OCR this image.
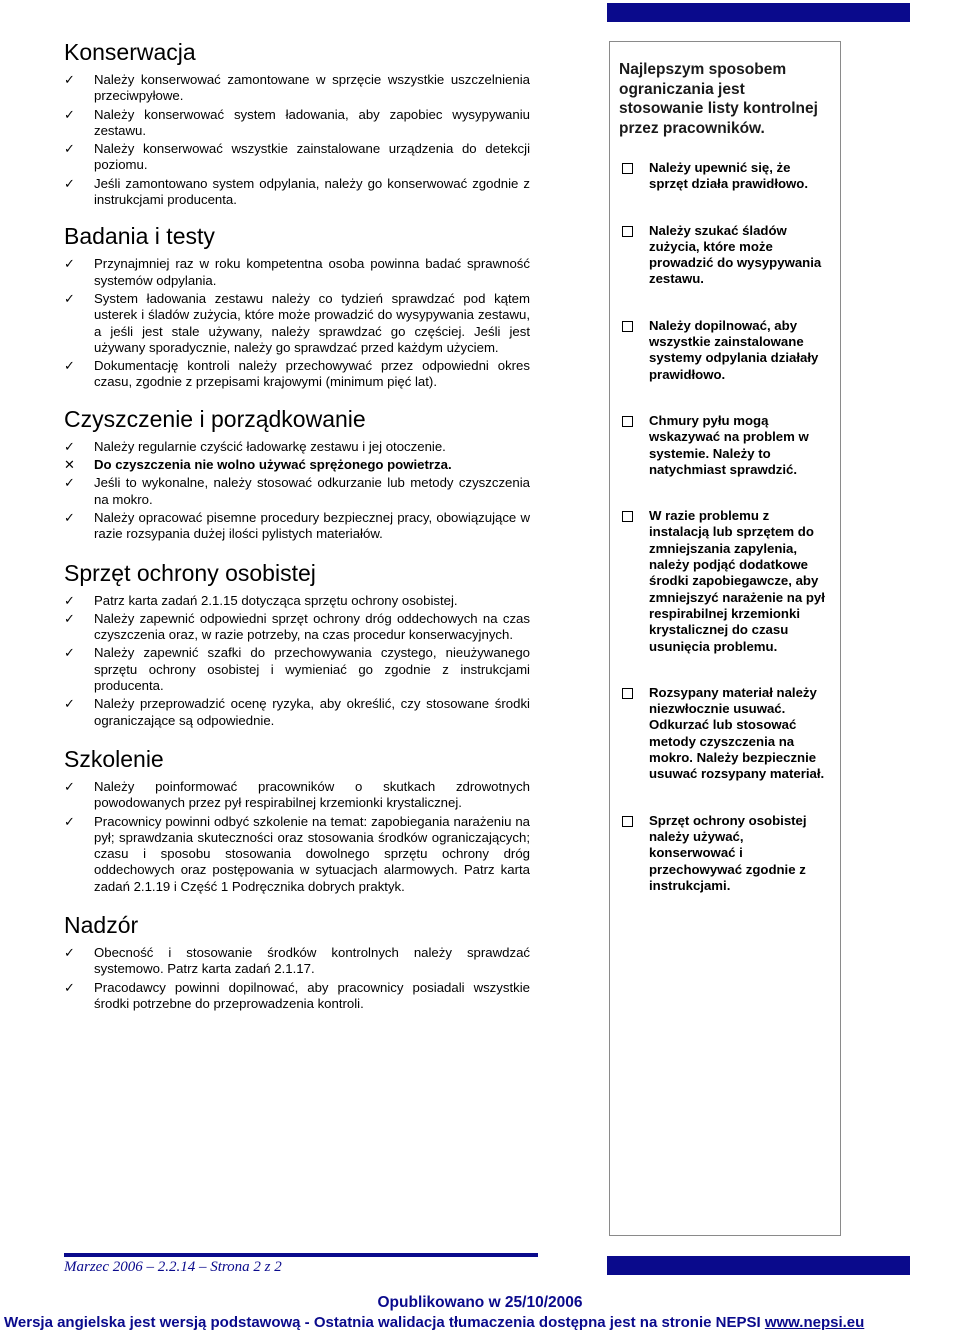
Konserwacja
✓	Należy konserwować zamontowane w sprzęcie wszystkie uszczelnienia przeciwpyłowe.
✓	Należy konserwować system ładowania, aby zapobiec wysypywaniu zestawu.
✓	Należy konserwować wszystkie zainstalowane urządzenia do detekcji poziomu.
✓	Jeśli zamontowano system odpylania, należy go konserwować zgodnie z instrukcjami producenta.
Badania i testy
✓	Przynajmniej raz w roku kompetentna osoba powinna badać sprawność systemów odpylania.
✓	System ładowania zestawu należy co tydzień sprawdzać pod kątem usterek i śladów zużycia, które może prowadzić do wysypywania zestawu, a jeśli jest stale używany, należy sprawdzać go częściej. Jeśli jest używany sporadycznie, należy go sprawdzać przed każdym użyciem.
✓	Dokumentację kontroli należy przechowywać przez odpowiedni okres czasu, zgodnie z przepisami krajowymi (minimum pięć lat).
Czyszczenie i porządkowanie
✓	Należy regularnie czyścić ładowarkę zestawu i jej otoczenie.
✕	Do czyszczenia nie wolno używać sprężonego powietrza.
✓	Jeśli to wykonalne, należy stosować odkurzanie lub metody czyszczenia na mokro.
✓	Należy opracować pisemne procedury bezpiecznej pracy, obowiązujące w razie rozsypania dużej ilości pylistych materiałów.
Sprzęt ochrony osobistej
✓	Patrz karta zadań 2.1.15 dotycząca sprzętu ochrony osobistej.
✓	Należy zapewnić odpowiedni sprzęt ochrony dróg oddechowych na czas czyszczenia oraz, w razie potrzeby, na czas procedur konserwacyjnych.
✓	Należy zapewnić szafki do przechowywania czystego, nieużywanego sprzętu ochrony osobistej i wymieniać go zgodnie z instrukcjami producenta.
✓	Należy przeprowadzić ocenę ryzyka, aby określić, czy stosowane środki ograniczające są odpowiednie.
Szkolenie
✓	Należy poinformować pracowników o skutkach zdrowotnych powodowanych przez pył respirabilnej krzemionki krystalicznej.
✓	Pracownicy powinni odbyć szkolenie na temat: zapobiegania narażeniu na pył; sprawdzania skuteczności oraz stosowania środków ograniczających; czasu i sposobu stosowania dowolnego sprzętu ochrony dróg oddechowych oraz postępowania w sytuacjach alarmowych. Patrz karta zadań 2.1.19 i Część 1 Podręcznika dobrych praktyk.
Nadzór
✓	Obecność i stosowanie środków kontrolnych należy sprawdzać systemowo. Patrz karta zadań 2.1.17.
✓	Pracodawcy powinni dopilnować, aby pracownicy posiadali wszystkie środki potrzebne do przeprowadzenia kontroli.

Najlepszym sposobem ograniczania jest stosowanie listy kontrolnej przez pracowników.

Należy upewnić się, że sprzęt działa prawidłowo.
Należy szukać śladów zużycia, które może prowadzić do wysypywania zestawu.
Należy dopilnować, aby wszystkie zainstalowane systemy odpylania działały prawidłowo.
Chmury pyłu mogą wskazywać na problem w systemie. Należy to natychmiast sprawdzić.
W razie problemu z instalacją lub sprzętem do zmniejszania zapylenia, należy podjąć dodatkowe środki zapobiegawcze, aby zmniejszyć narażenie na pył respirabilnej krzemionki krystalicznej do czasu usunięcia problemu.
Rozsypany materiał należy niezwłocznie usuwać. Odkurzać lub stosować metody czyszczenia na mokro. Należy bezpiecznie usuwać rozsypany materiał.
Sprzęt ochrony osobistej należy używać, konserwować i przechowywać zgodnie z instrukcjami.
Marzec 2006 – 2.2.14 – Strona 2 z 2
Opublikowano w 25/10/2006
Wersja angielska jest wersją podstawową - Ostatnia walidacja tłumaczenia dostępna jest na stronie NEPSI www.nepsi.eu
